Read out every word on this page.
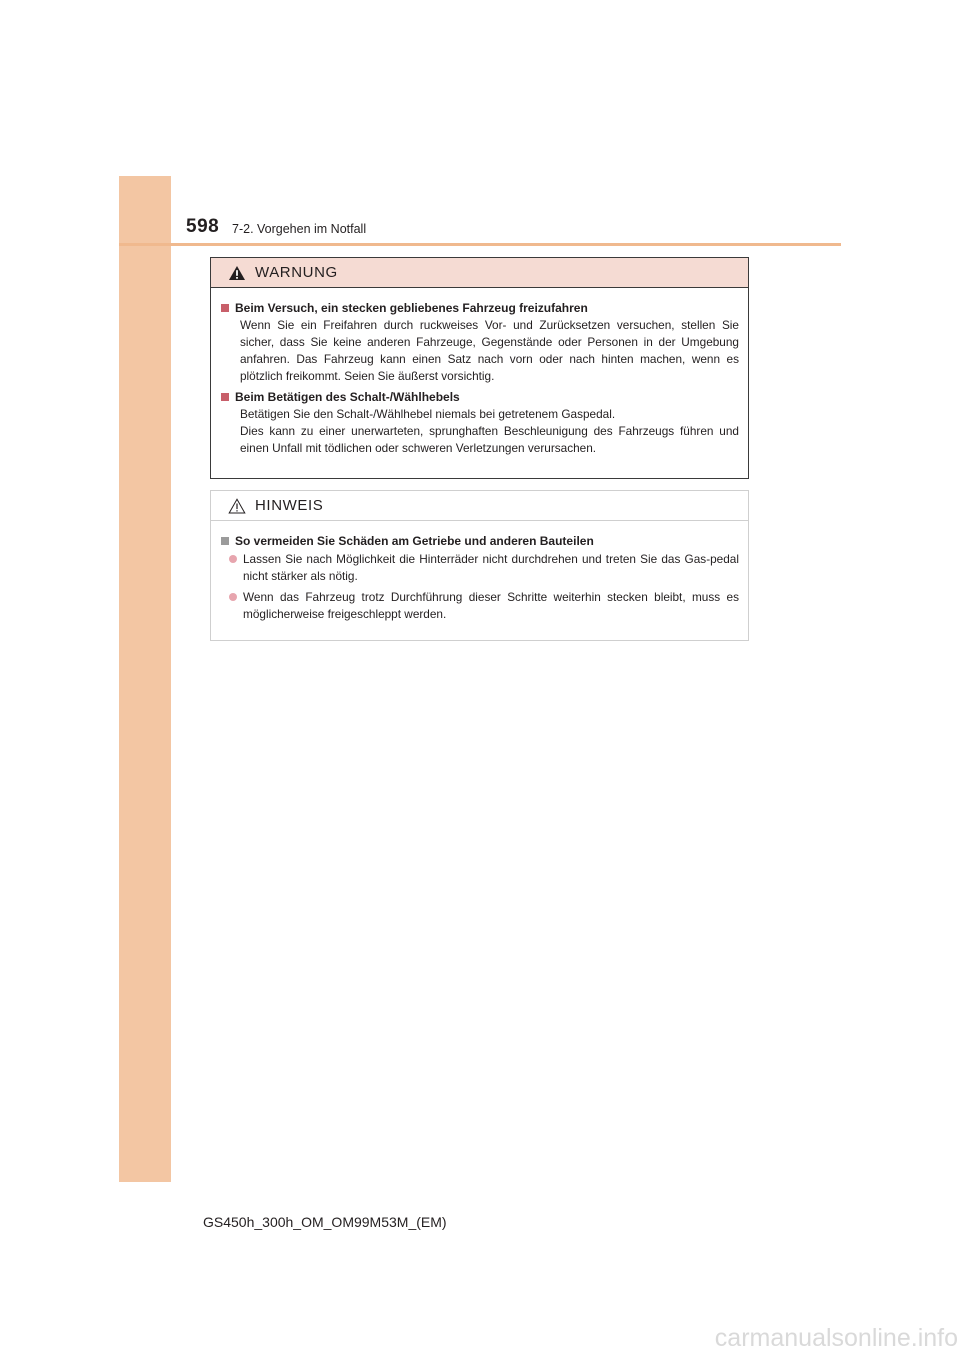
598 7-2. Vorgehen im Notfall
WARNUNG
Beim Versuch, ein stecken gebliebenes Fahrzeug freizufahren
Wenn Sie ein Freifahren durch ruckweises Vor- und Zurücksetzen versuchen, stellen Sie sicher, dass Sie keine anderen Fahrzeuge, Gegenstände oder Personen in der Umgebung anfahren. Das Fahrzeug kann einen Satz nach vorn oder nach hinten machen, wenn es plötzlich freikommt. Seien Sie äußerst vorsichtig.
Beim Betätigen des Schalt-/Wählhebels
Betätigen Sie den Schalt-/Wählhebel niemals bei getretenem Gaspedal.
Dies kann zu einer unerwarteten, sprunghaften Beschleunigung des Fahrzeugs führen und einen Unfall mit tödlichen oder schweren Verletzungen verursachen.
HINWEIS
So vermeiden Sie Schäden am Getriebe und anderen Bauteilen
Lassen Sie nach Möglichkeit die Hinterräder nicht durchdrehen und treten Sie das Gas-pedal nicht stärker als nötig.
Wenn das Fahrzeug trotz Durchführung dieser Schritte weiterhin stecken bleibt, muss es möglicherweise freigeschleppt werden.
GS450h_300h_OM_OM99M53M_(EM)
carmanualsonline.info
